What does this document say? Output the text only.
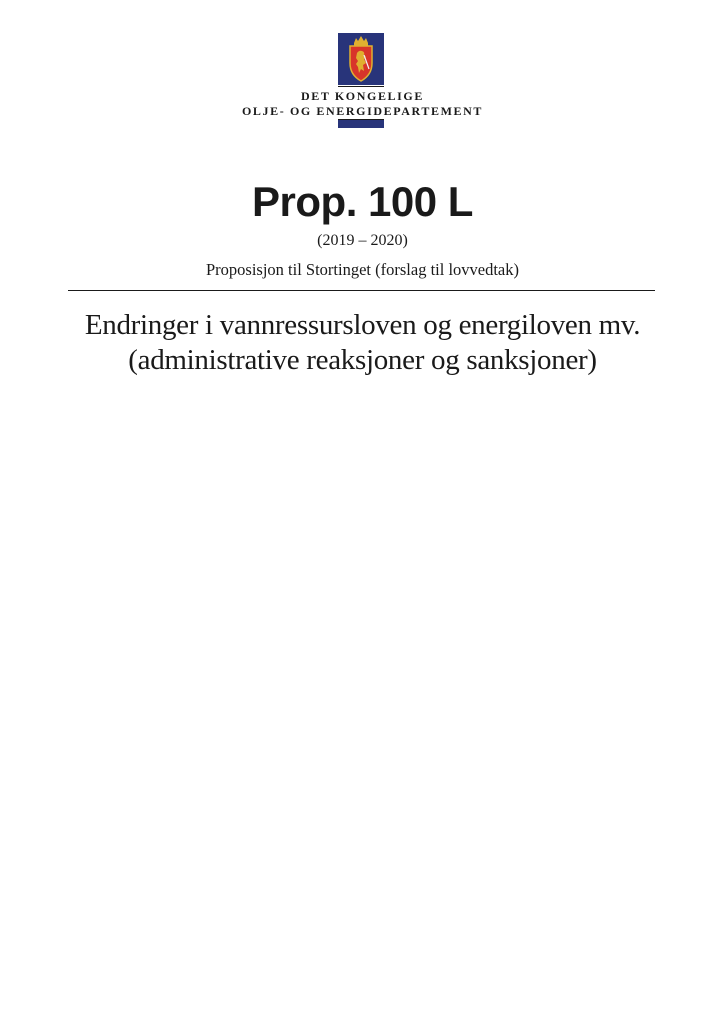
DET KONGELIGE
OLJE- OG ENERGIDEPARTEMENT
Prop. 100 L
(2019 – 2020)
Proposisjon til Stortinget (forslag til lovvedtak)
Endringer i vannressursloven og energiloven mv.
(administrative reaksjoner og sanksjoner)
